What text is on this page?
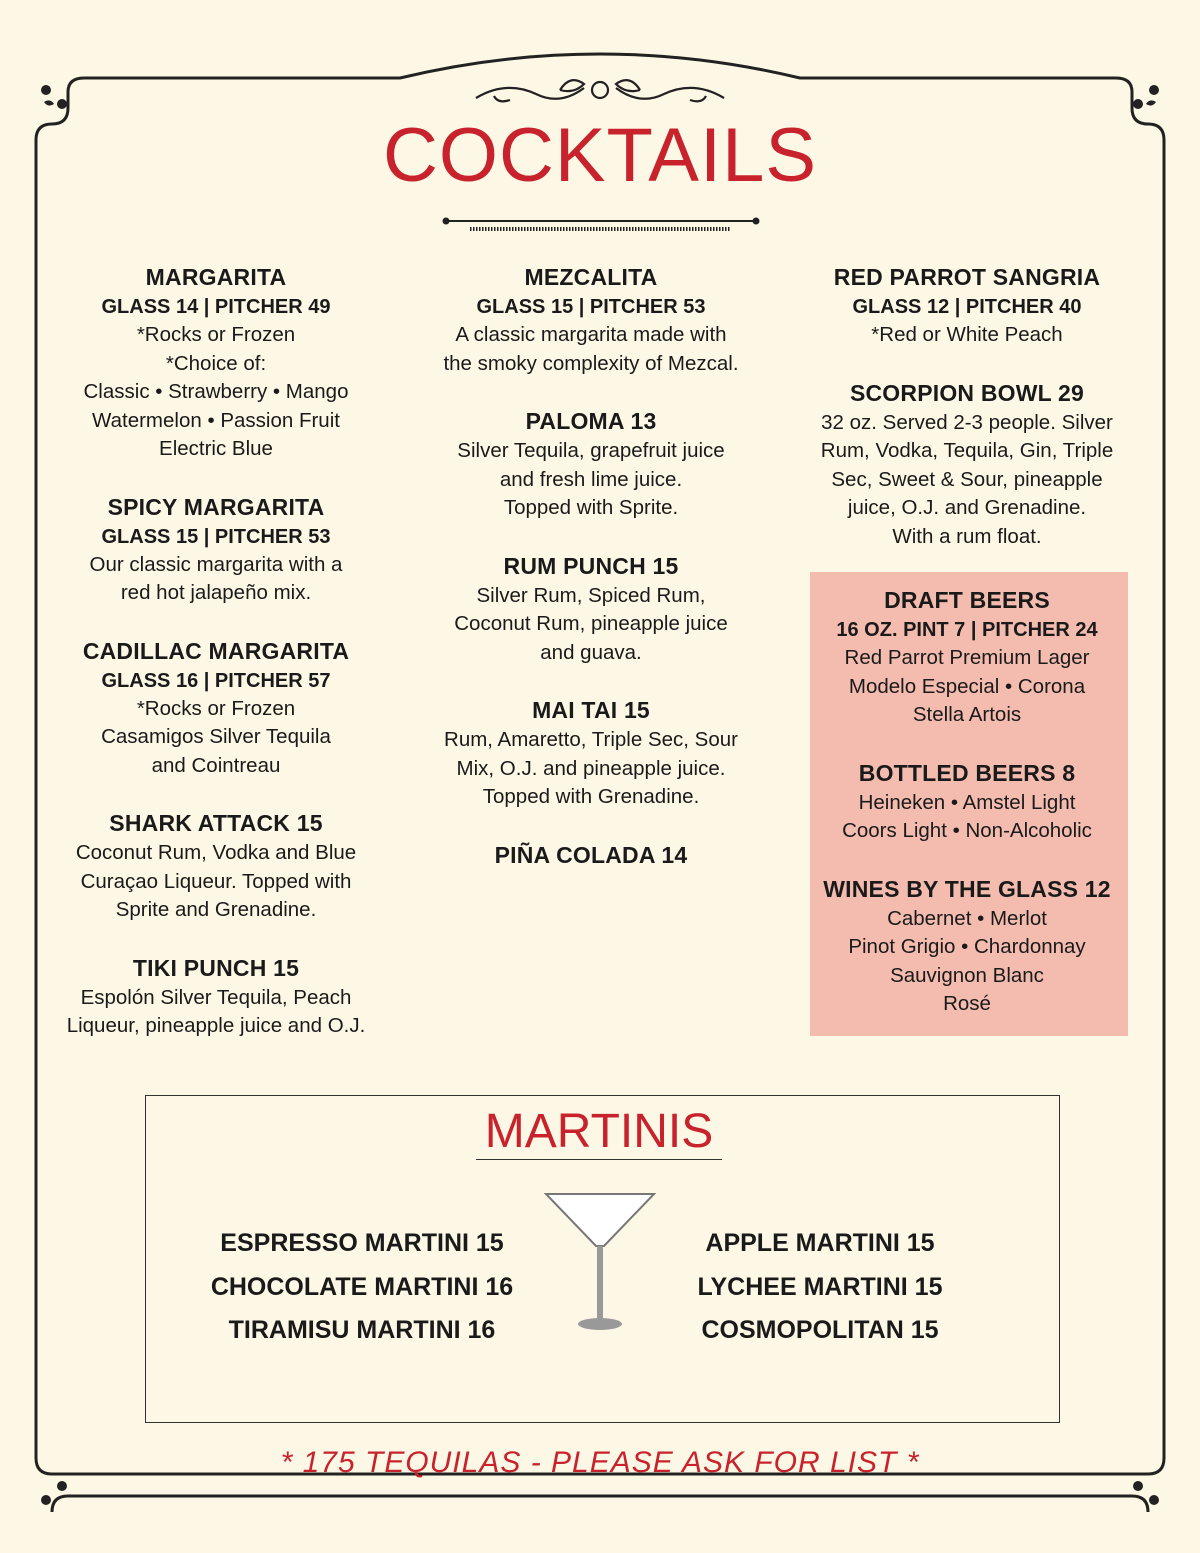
COCKTAILS
MARGARITA
GLASS 14 | PITCHER 49
*Rocks or Frozen
*Choice of:
Classic • Strawberry • Mango
Watermelon • Passion Fruit
Electric Blue
SPICY MARGARITA
GLASS 15 | PITCHER 53
Our classic margarita with a
red hot jalapeño mix.
CADILLAC MARGARITA
GLASS 16 | PITCHER 57
*Rocks or Frozen
Casamigos Silver Tequila
and Cointreau
SHARK ATTACK 15
Coconut Rum, Vodka and Blue
Curaçao Liqueur. Topped with
Sprite and Grenadine.
TIKI PUNCH 15
Espolón Silver Tequila, Peach
Liqueur, pineapple juice and O.J.
MEZCALITA
GLASS 15 | PITCHER 53
A classic margarita made with
the smoky complexity of Mezcal.
PALOMA 13
Silver Tequila, grapefruit juice
and fresh lime juice.
Topped with Sprite.
RUM PUNCH 15
Silver Rum, Spiced Rum,
Coconut Rum, pineapple juice
and guava.
MAI TAI 15
Rum, Amaretto, Triple Sec, Sour
Mix, O.J. and pineapple juice.
Topped with Grenadine.
PIÑA COLADA 14
RED PARROT SANGRIA
GLASS 12 | PITCHER 40
*Red or White Peach
SCORPION BOWL 29
32 oz. Served 2-3 people. Silver
Rum, Vodka, Tequila, Gin, Triple
Sec, Sweet & Sour, pineapple
juice, O.J. and Grenadine.
With a rum float.
DRAFT BEERS
16 OZ. PINT 7 | PITCHER 24
Red Parrot Premium Lager
Modelo Especial • Corona
Stella Artois
BOTTLED BEERS 8
Heineken • Amstel Light
Coors Light • Non-Alcoholic
WINES BY THE GLASS 12
Cabernet • Merlot
Pinot Grigio • Chardonnay
Sauvignon Blanc
Rosé
MARTINIS
ESPRESSO MARTINI 15
CHOCOLATE MARTINI 16
TIRAMISU MARTINI 16
APPLE MARTINI 15
LYCHEE MARTINI 15
COSMOPOLITAN 15
* 175 TEQUILAS - PLEASE ASK FOR LIST *
